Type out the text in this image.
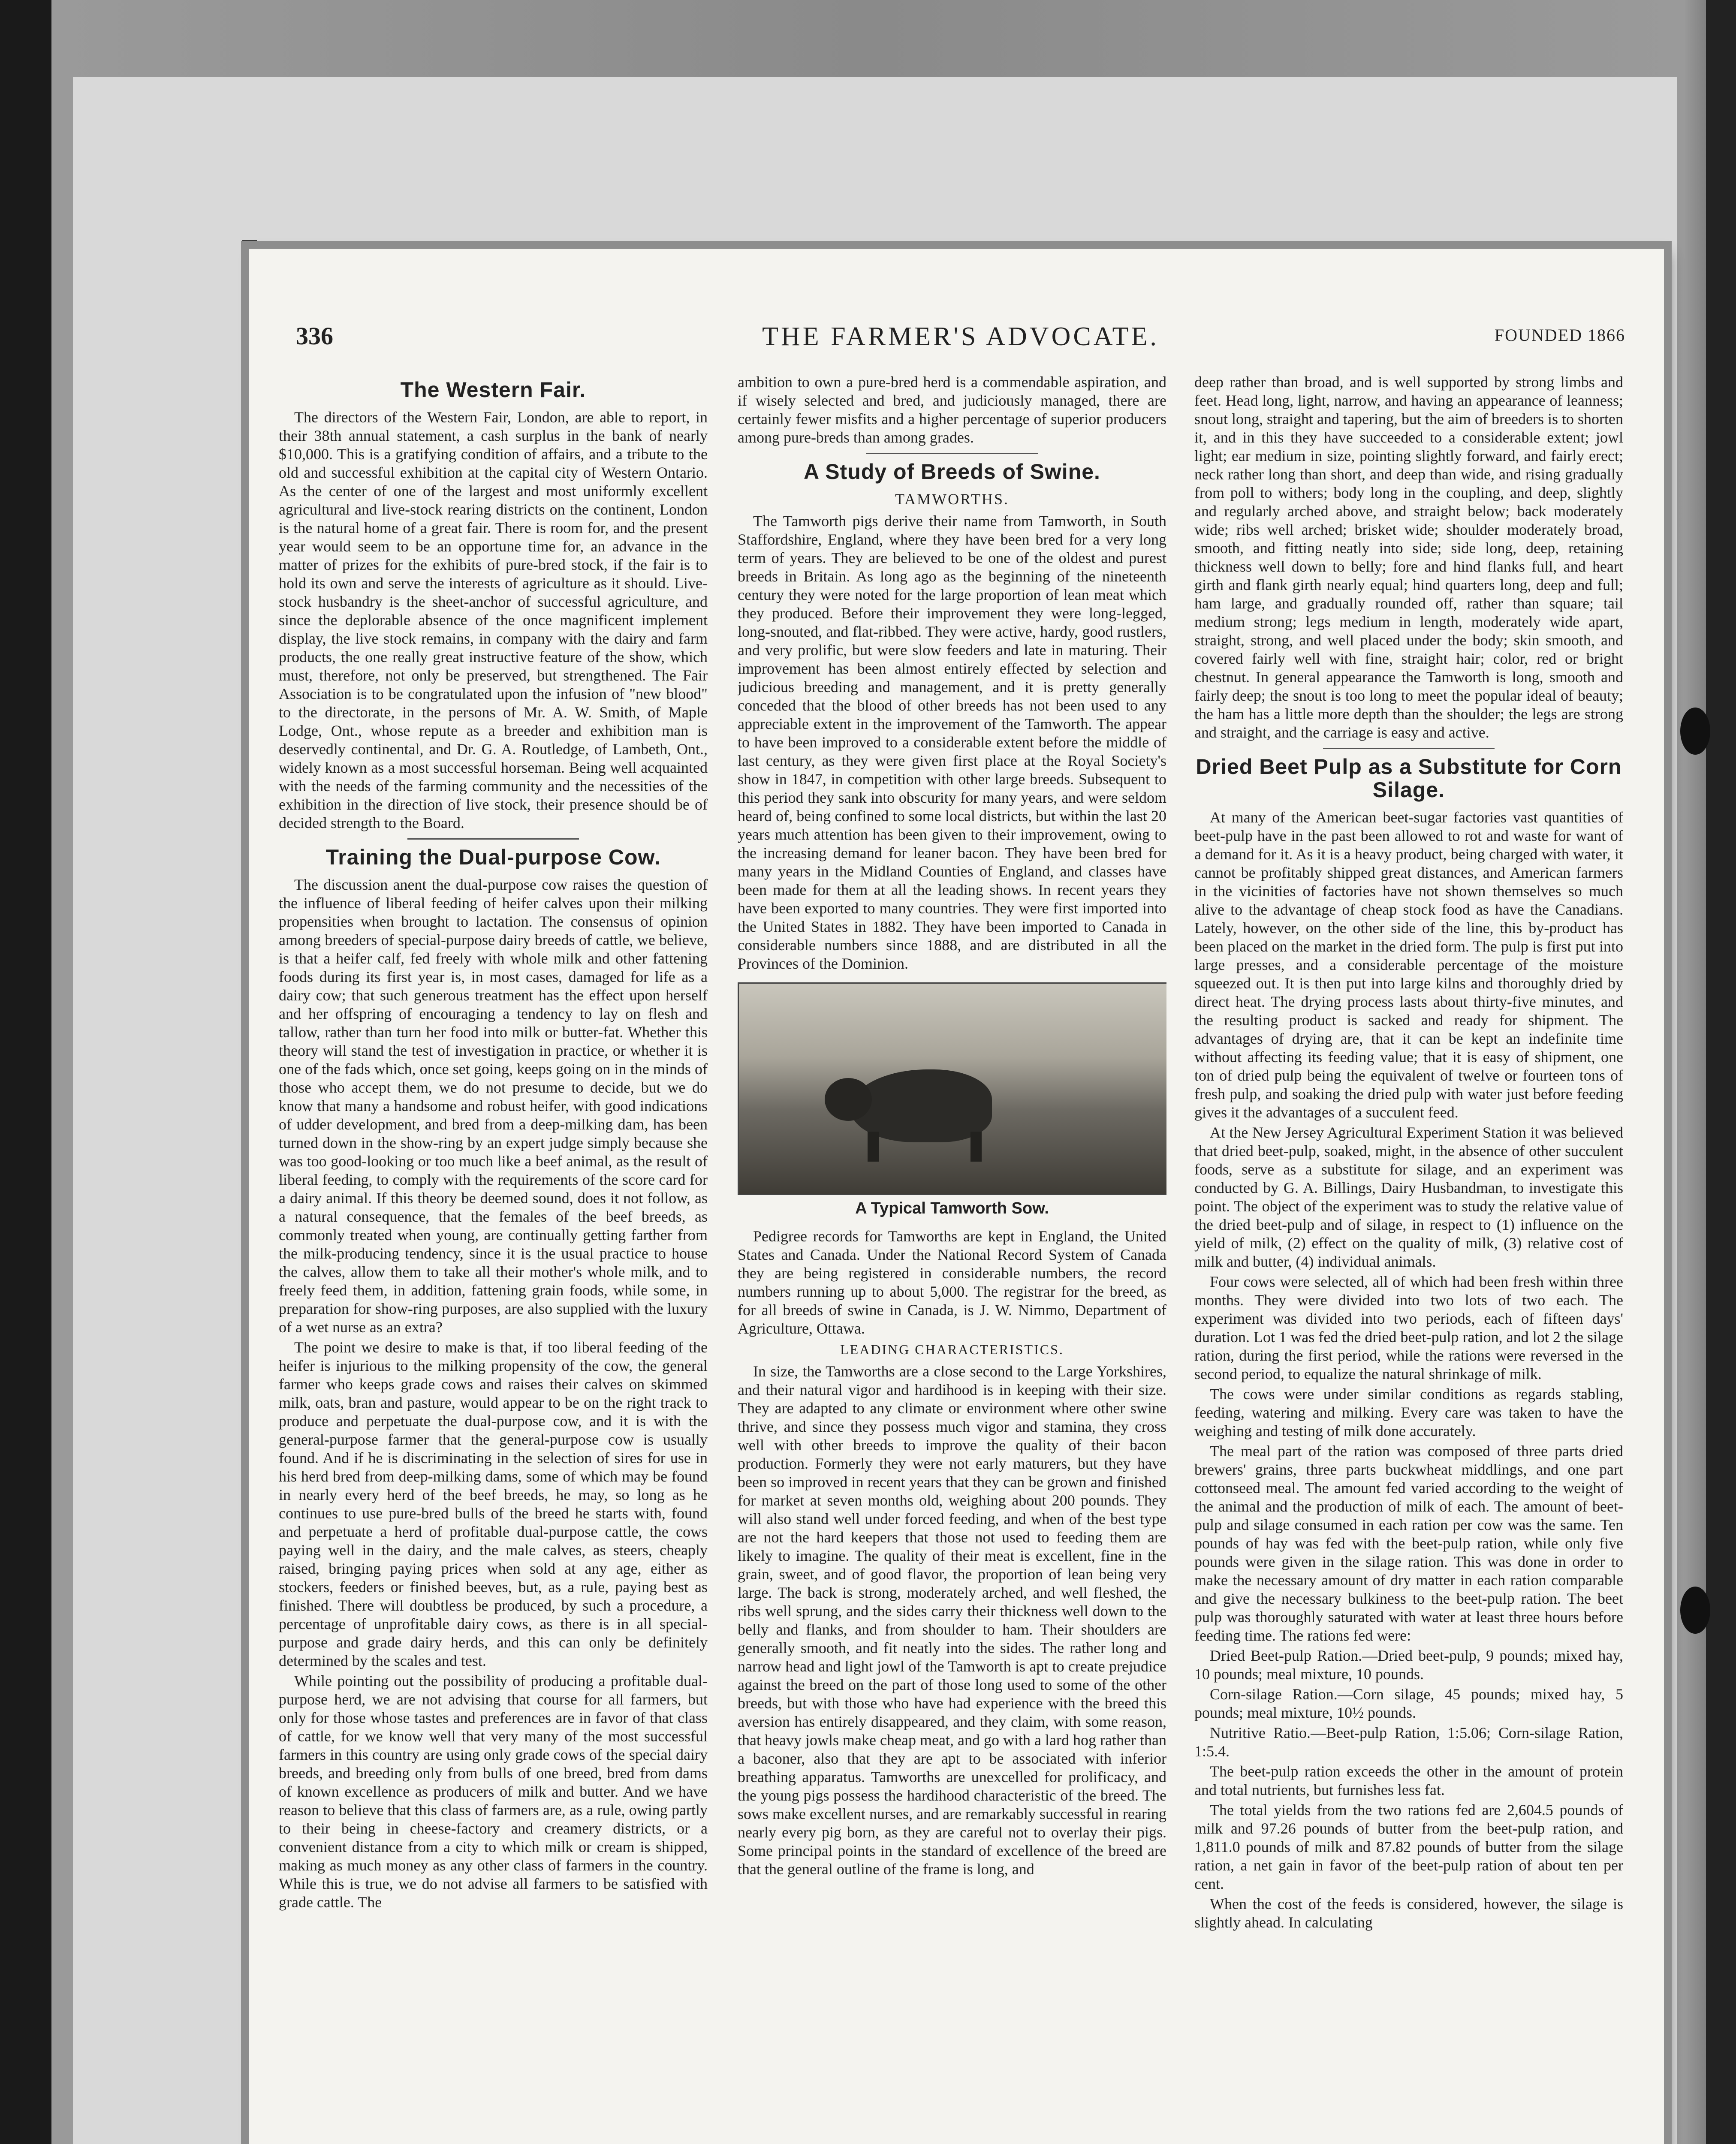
336	THE FARMER'S ADVOCATE.	FOUNDED 1866
The Western Fair.

The directors of the Western Fair, London, are able to report, in their 38th annual statement, a cash surplus in the bank of nearly $10,000. This is a gratifying condition of affairs, and a tribute to the old and successful exhibition at the capital city of Western Ontario. As the center of one of the largest and most uniformly excellent agricultural and live-stock rearing districts on the continent, London is the natural home of a great fair. There is room for, and the present year would seem to be an opportune time for, an advance in the matter of prizes for the exhibits of pure-bred stock, if the fair is to hold its own and serve the interests of agriculture as it should. Live-stock husbandry is the sheet-anchor of successful agriculture, and since the deplorable absence of the once magnificent implement display, the live stock remains, in company with the dairy and farm products, the one really great instructive feature of the show, which must, therefore, not only be preserved, but strengthened. The Fair Association is to be congratulated upon the infusion of "new blood" to the directorate, in the persons of Mr. A. W. Smith, of Maple Lodge, Ont., whose repute as a breeder and exhibition man is deservedly continental, and Dr. G. A. Routledge, of Lambeth, Ont., widely known as a most successful horseman. Being well acquainted with the needs of the farming community and the necessities of the exhibition in the direction of live stock, their presence should be of decided strength to the Board.

Training the Dual-purpose Cow.

The discussion anent the dual-purpose cow raises the question of the influence of liberal feeding of heifer calves upon their milking propensities when brought to lactation. The consensus of opinion among breeders of special-purpose dairy breeds of cattle, we believe, is that a heifer calf, fed freely with whole milk and other fattening foods during its first year is, in most cases, damaged for life as a dairy cow; that such generous treatment has the effect upon herself and her offspring of encouraging a tendency to lay on flesh and tallow, rather than turn her food into milk or butter-fat. Whether this theory will stand the test of investigation in practice, or whether it is one of the fads which, once set going, keeps going on in the minds of those who accept them, we do not presume to decide, but we do know that many a handsome and robust heifer, with good indications of udder development, and bred from a deep-milking dam, has been turned down in the show-ring by an expert judge simply because she was too good-looking or too much like a beef animal, as the result of liberal feeding, to comply with the requirements of the score card for a dairy animal. If this theory be deemed sound, does it not follow, as a natural consequence, that the females of the beef breeds, as commonly treated when young, are continually getting farther from the milk-producing tendency, since it is the usual practice to house the calves, allow them to take all their mother's whole milk, and to freely feed them, in addition, fattening grain foods, while some, in preparation for show-ring purposes, are also supplied with the luxury of a wet nurse as an extra?

The point we desire to make is that, if too liberal feeding of the heifer is injurious to the milking propensity of the cow, the general farmer who keeps grade cows and raises their calves on skimmed milk, oats, bran and pasture, would appear to be on the right track to produce and perpetuate the dual-purpose cow, and it is with the general-purpose farmer that the general-purpose cow is usually found. And if he is discriminating in the selection of sires for use in his herd bred from deep-milking dams, some of which may be found in nearly every herd of the beef breeds, he may, so long as he continues to use pure-bred bulls of the breed he starts with, found and perpetuate a herd of profitable dual-purpose cattle, the cows paying well in the dairy, and the male calves, as steers, cheaply raised, bringing paying prices when sold at any age, either as stockers, feeders or finished beeves, but, as a rule, paying best as finished. There will doubtless be produced, by such a procedure, a percentage of unprofitable dairy cows, as there is in all special-purpose and grade dairy herds, and this can only be definitely determined by the scales and test.

While pointing out the possibility of producing a profitable dual-purpose herd, we are not advising that course for all farmers, but only for those whose tastes and preferences are in favor of that class of cattle, for we know well that very many of the most successful farmers in this country are using only grade cows of the special dairy breeds, and breeding only from bulls of one breed, bred from dams of known excellence as producers of milk and butter. And we have reason to believe that this class of farmers are, as a rule, owing partly to their being in cheese-factory and creamery districts, or a convenient distance from a city to which milk or cream is shipped, making as much money as any other class of farmers in the country. While this is true, we do not advise all farmers to be satisfied with grade cattle. The

ambition to own a pure-bred herd is a commendable aspiration, and if wisely selected and bred, and judiciously managed, there are certainly fewer misfits and a higher percentage of superior producers among pure-breds than among grades.

A Study of Breeds of Swine.
TAMWORTHS.

The Tamworth pigs derive their name from Tamworth, in South Staffordshire, England, where they have been bred for a very long term of years. They are believed to be one of the oldest and purest breeds in Britain. As long ago as the beginning of the nineteenth century they were noted for the large proportion of lean meat which they produced. Before their improvement they were long-legged, long-snouted, and flat-ribbed. They were active, hardy, good rustlers, and very prolific, but were slow feeders and late in maturing. Their improvement has been almost entirely effected by selection and judicious breeding and management, and it is pretty generally conceded that the blood of other breeds has not been used to any appreciable extent in the improvement of the Tamworth. The appear to have been improved to a considerable extent before the middle of last century, as they were given first place at the Royal Society's show in 1847, in competition with other large breeds. Subsequent to this period they sank into obscurity for many years, and were seldom heard of, being confined to some local districts, but within the last 20 years much attention has been given to their improvement, owing to the increasing demand for leaner bacon. They have been bred for many years in the Midland Counties of England, and classes have been made for them at all the leading shows. In recent years they have been exported to many countries. They were first imported into the United States in 1882. They have been imported to Canada in considerable numbers since 1888, and are distributed in all the Provinces of the Dominion.

A Typical Tamworth Sow.

Pedigree records for Tamworths are kept in England, the United States and Canada. Under the National Record System of Canada they are being registered in considerable numbers, the record numbers running up to about 5,000. The registrar for the breed, as for all breeds of swine in Canada, is J. W. Nimmo, Department of Agriculture, Ottawa.

LEADING CHARACTERISTICS.

In size, the Tamworths are a close second to the Large Yorkshires, and their natural vigor and hardihood is in keeping with their size. They are adapted to any climate or environment where other swine thrive, and since they possess much vigor and stamina, they cross well with other breeds to improve the quality of their bacon production. Formerly they were not early maturers, but they have been so improved in recent years that they can be grown and finished for market at seven months old, weighing about 200 pounds. They will also stand well under forced feeding, and when of the best type are not the hard keepers that those not used to feeding them are likely to imagine. The quality of their meat is excellent, fine in the grain, sweet, and of good flavor, the proportion of lean being very large. The back is strong, moderately arched, and well fleshed, the ribs well sprung, and the sides carry their thickness well down to the belly and flanks, and from shoulder to ham. Their shoulders are generally smooth, and fit neatly into the sides. The rather long and narrow head and light jowl of the Tamworth is apt to create prejudice against the breed on the part of those long used to some of the other breeds, but with those who have had experience with the breed this aversion has entirely disappeared, and they claim, with some reason, that heavy jowls make cheap meat, and go with a lard hog rather than a baconer, also that they are apt to be associated with inferior breathing apparatus. Tamworths are unexcelled for prolificacy, and the young pigs possess the hardihood characteristic of the breed. The sows make excellent nurses, and are remarkably successful in rearing nearly every pig born, as they are careful not to overlay their pigs. Some principal points in the standard of excellence of the breed are that the general outline of the frame is long, and

deep rather than broad, and is well supported by strong limbs and feet. Head long, light, narrow, and having an appearance of leanness; snout long, straight and tapering, but the aim of breeders is to shorten it, and in this they have succeeded to a considerable extent; jowl light; ear medium in size, pointing slightly forward, and fairly erect; neck rather long than short, and deep than wide, and rising gradually from poll to withers; body long in the coupling, and deep, slightly and regularly arched above, and straight below; back moderately wide; ribs well arched; brisket wide; shoulder moderately broad, smooth, and fitting neatly into side; side long, deep, retaining thickness well down to belly; fore and hind flanks full, and heart girth and flank girth nearly equal; hind quarters long, deep and full; ham large, and gradually rounded off, rather than square; tail medium strong; legs medium in length, moderately wide apart, straight, strong, and well placed under the body; skin smooth, and covered fairly well with fine, straight hair; color, red or bright chestnut. In general appearance the Tamworth is long, smooth and fairly deep; the snout is too long to meet the popular ideal of beauty; the ham has a little more depth than the shoulder; the legs are strong and straight, and the carriage is easy and active.

Dried Beet Pulp as a Substitute for Corn Silage.

At many of the American beet-sugar factories vast quantities of beet-pulp have in the past been allowed to rot and waste for want of a demand for it. As it is a heavy product, being charged with water, it cannot be profitably shipped great distances, and American farmers in the vicinities of factories have not shown themselves so much alive to the advantage of cheap stock food as have the Canadians. Lately, however, on the other side of the line, this by-product has been placed on the market in the dried form. The pulp is first put into large presses, and a considerable percentage of the moisture squeezed out. It is then put into large kilns and thoroughly dried by direct heat. The drying process lasts about thirty-five minutes, and the resulting product is sacked and ready for shipment. The advantages of drying are, that it can be kept an indefinite time without affecting its feeding value; that it is easy of shipment, one ton of dried pulp being the equivalent of twelve or fourteen tons of fresh pulp, and soaking the dried pulp with water just before feeding gives it the advantages of a succulent feed.

At the New Jersey Agricultural Experiment Station it was believed that dried beet-pulp, soaked, might, in the absence of other succulent foods, serve as a substitute for silage, and an experiment was conducted by G. A. Billings, Dairy Husbandman, to investigate this point. The object of the experiment was to study the relative value of the dried beet-pulp and of silage, in respect to (1) influence on the yield of milk, (2) effect on the quality of milk, (3) relative cost of milk and butter, (4) individual animals.

Four cows were selected, all of which had been fresh within three months. They were divided into two lots of two each. The experiment was divided into two periods, each of fifteen days' duration. Lot 1 was fed the dried beet-pulp ration, and lot 2 the silage ration, during the first period, while the rations were reversed in the second period, to equalize the natural shrinkage of milk.

The cows were under similar conditions as regards stabling, feeding, watering and milking. Every care was taken to have the weighing and testing of milk done accurately.

The meal part of the ration was composed of three parts dried brewers' grains, three parts buckwheat middlings, and one part cottonseed meal. The amount fed varied according to the weight of the animal and the production of milk of each. The amount of beet-pulp and silage consumed in each ration per cow was the same. Ten pounds of hay was fed with the beet-pulp ration, while only five pounds were given in the silage ration. This was done in order to make the necessary amount of dry matter in each ration comparable and give the necessary bulkiness to the beet-pulp ration. The beet pulp was thoroughly saturated with water at least three hours before feeding time. The rations fed were:

Dried Beet-pulp Ration.—Dried beet-pulp, 9 pounds; mixed hay, 10 pounds; meal mixture, 10 pounds.

Corn-silage Ration.—Corn silage, 45 pounds; mixed hay, 5 pounds; meal mixture, 10½ pounds.

Nutritive Ratio.—Beet-pulp Ration, 1:5.06; Corn-silage Ration, 1:5.4.

The beet-pulp ration exceeds the other in the amount of protein and total nutrients, but furnishes less fat.

The total yields from the two rations fed are 2,604.5 pounds of milk and 97.26 pounds of butter from the beet-pulp ration, and 1,811.0 pounds of milk and 87.82 pounds of butter from the silage ration, a net gain in favor of the beet-pulp ration of about ten per cent.

When the cost of the feeds is considered, however, the silage is slightly ahead. In calculating
